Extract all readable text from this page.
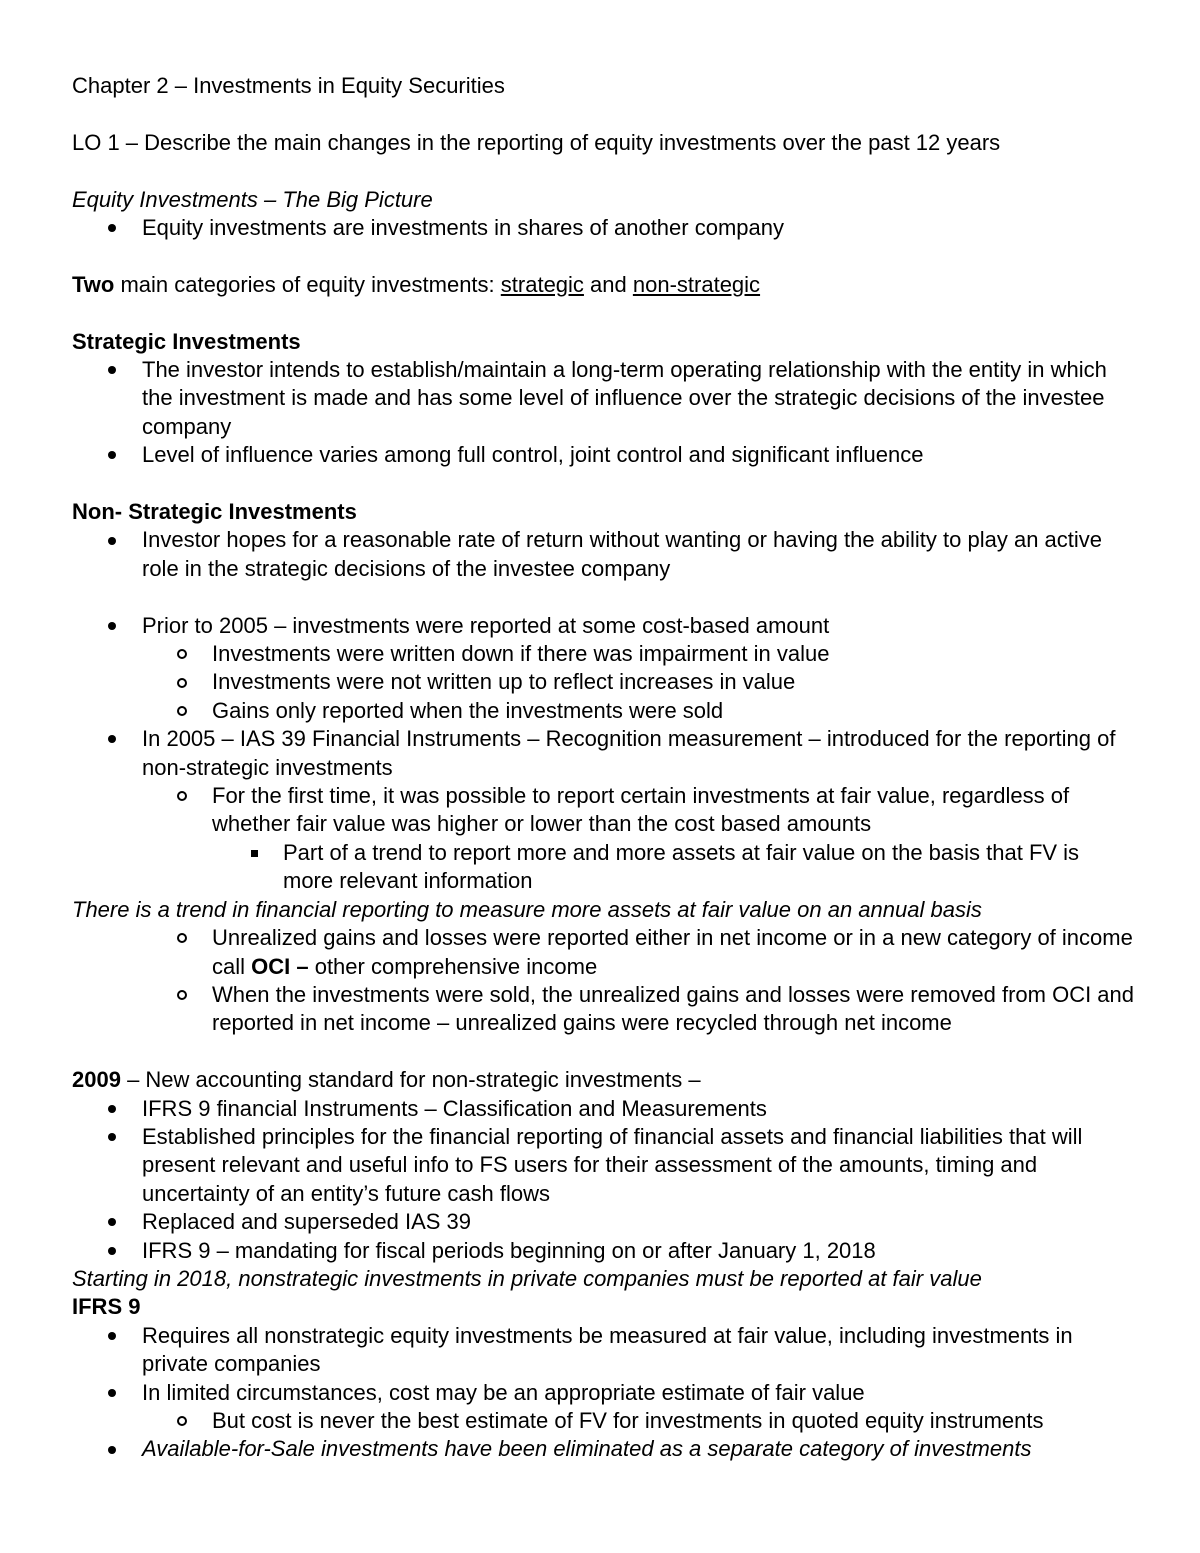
Chapter 2 – Investments in Equity Securities

LO 1 – Describe the main changes in the reporting of equity investments over the past 12 years

Equity Investments – The Big Picture

Equity investments are investments in shares of another company

Two main categories of equity investments: strategic and non-strategic

Strategic Investments

The investor intends to establish/maintain a long-term operating relationship with the entity in which the investment is made and has some level of influence over the strategic decisions of the investee company
Level of influence varies among full control, joint control and significant influence

Non- Strategic Investments

Investor hopes for a reasonable rate of return without wanting or having the ability to play an active role in the strategic decisions of the investee company
Prior to 2005 – investments were reported at some cost-based amount
Investments were written down if there was impairment in value
Investments were not written up to reflect increases in value
Gains only reported when the investments were sold
In 2005 – IAS 39 Financial Instruments – Recognition measurement – introduced for the reporting of non-strategic investments
For the first time, it was possible to report certain investments at fair value, regardless of whether fair value was higher or lower than the cost based amounts
Part of a trend to report more and more assets at fair value on the basis that FV is more relevant information

There is a trend in financial reporting to measure more assets at fair value on an annual basis

Unrealized gains and losses were reported either in net income or in a new category of income call OCI – other comprehensive income
When the investments were sold, the unrealized gains and losses were removed from OCI and reported in net income – unrealized gains were recycled through net income

2009 – New accounting standard for non-strategic investments –

IFRS 9 financial Instruments – Classification and Measurements
Established principles for the financial reporting of financial assets and financial liabilities that will present relevant and useful info to FS users for their assessment of the amounts, timing and uncertainty of an entity’s future cash flows
Replaced and superseded IAS 39
IFRS 9 – mandating for fiscal periods beginning on or after January 1, 2018

Starting in 2018, nonstrategic investments in private companies must be reported at fair value

IFRS 9

Requires all nonstrategic equity investments be measured at fair value, including investments in private companies
In limited circumstances, cost may be an appropriate estimate of fair value
But cost is never the best estimate of FV for investments in quoted equity instruments
Available-for-Sale investments have been eliminated as a separate category of investments
